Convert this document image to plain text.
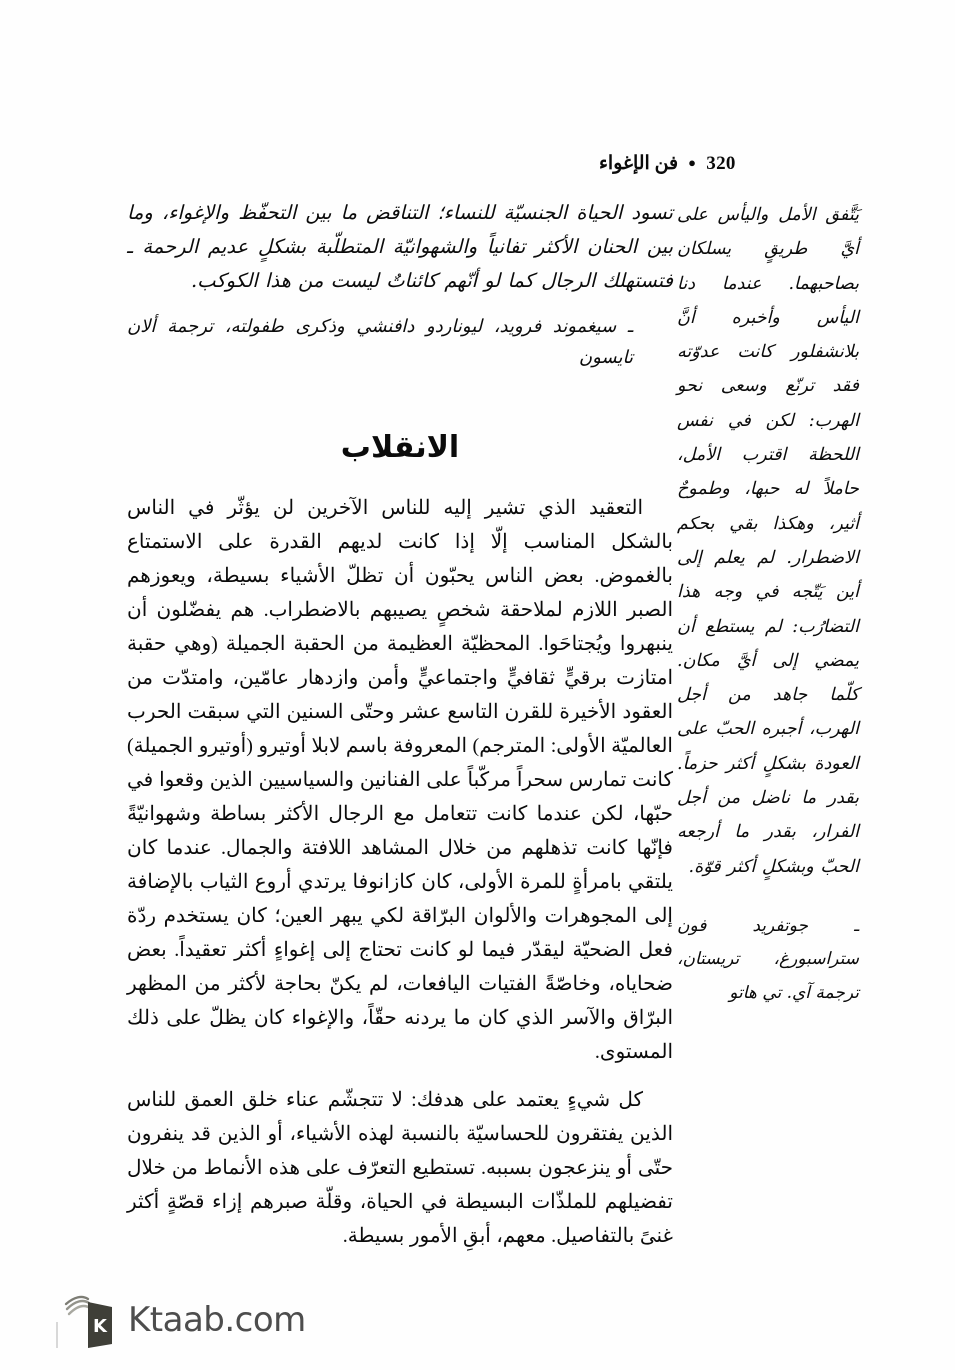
فن الإغواء ● 320

تسود الحياة الجنسيّة للنساء؛ التناقض ما بين التحفّظ والإغواء، وما بين الحنان الأكثر تفانياً والشهوانيّة المتطلّبة بشكلٍ عديم الرحمة ـ فتستهلك الرجال كما لو أنّهم كائناتٌ ليست من هذا الكوكب.

ـ سيغموند فرويد، ليوناردو دافنشي وذكرى طفولته، ترجمة ألان تايسون

الانقلاب

التعقيد الذي تشير إليه للناس الآخرين لن يؤثّر في الناس بالشكل المناسب إلّا إذا كانت لديهم القدرة على الاستمتاع بالغموض. بعض الناس يحبّون أن تظلّ الأشياء بسيطة، ويعوزهم الصبر اللازم لملاحقة شخصٍ يصيبهم بالاضطراب. هم يفضّلون أن ينبهروا ويُجتاحَوا. المحظيّة العظيمة من الحقبة الجميلة (وهي حقبة امتازت برقيٍّ ثقافيٍّ واجتماعيٍّ وأمن وازدهار عامّين، وامتدّت من العقود الأخيرة للقرن التاسع عشر وحتّى السنين التي سبقت الحرب العالميّة الأولى: المترجم) المعروفة باسم لابلا أوتيرو (أوتيرو الجميلة) كانت تمارس سحراً مركّباً على الفنانين والسياسيين الذين وقعوا في حبّها، لكن عندما كانت تتعامل مع الرجال الأكثر بساطة وشهوانيّةً فإنّها كانت تذهلهم من خلال المشاهد اللافتة والجمال. عندما كان يلتقي بامرأةٍ للمرة الأولى، كان كازانوفا يرتدي أروع الثياب بالإضافة إلى المجوهرات والألوان البرّاقة لكي يبهر العين؛ كان يستخدم ردّة فعل الضحيّة ليقدّر فيما لو كانت تحتاج إلى إغواءٍ أكثر تعقيداً. بعض ضحاياه، وخاصّةً الفتيات اليافعات، لم يكنّ بحاجة لأكثر من المظهر البرّاق والآسر الذي كان ما يردنه حقّاً، والإغواء كان يظلّ على ذلك المستوى.

كل شيءٍ يعتمد على هدفك: لا تتجشّم عناء خلق العمق للناس الذين يفتقرون للحساسيّة بالنسبة لهذه الأشياء، أو الذين قد ينفرون حتّى أو ينزعجون بسببه. تستطيع التعرّف على هذه الأنماط من خلال تفضيلهم للملذّات البسيطة في الحياة، وقلّة صبرهم إزاء قصّةٍ أكثر غنىً بالتفاصيل. معهم، أبقِ الأمور بسيطة.

يَتَّفق الأمل واليأس على أيَّ طريقٍ يسلكان بصاحبهما. عندما دنا اليأس وأخبره أنَّ بلانشفلور كانت عدوّته فقد ترنّع وسعى نحو الهرب: لكن في نفس اللحظة اقترب الأمل، حاملاً له حبها، وطموحٌ أثير، وهكذا بقي بحكم الاضطرار. لم يعلم إلى أين يَتّجه في وجه هذا التضارُب: لم يستطع أن يمضي إلى أيَّ مكان. كلّما جاهد من أجل الهرب، أجبره الحبّ على العودة بشكلٍ أكثر حزماً. بقدر ما ناضل من أجل الفرار، بقدر ما أرجعه الحبّ وبشكلٍ أكثر قوّة.

ـ جوتفريد فون ستراسبورغ، تريستان، ترجمة آي. تي هاتو

K Ktaab.com
